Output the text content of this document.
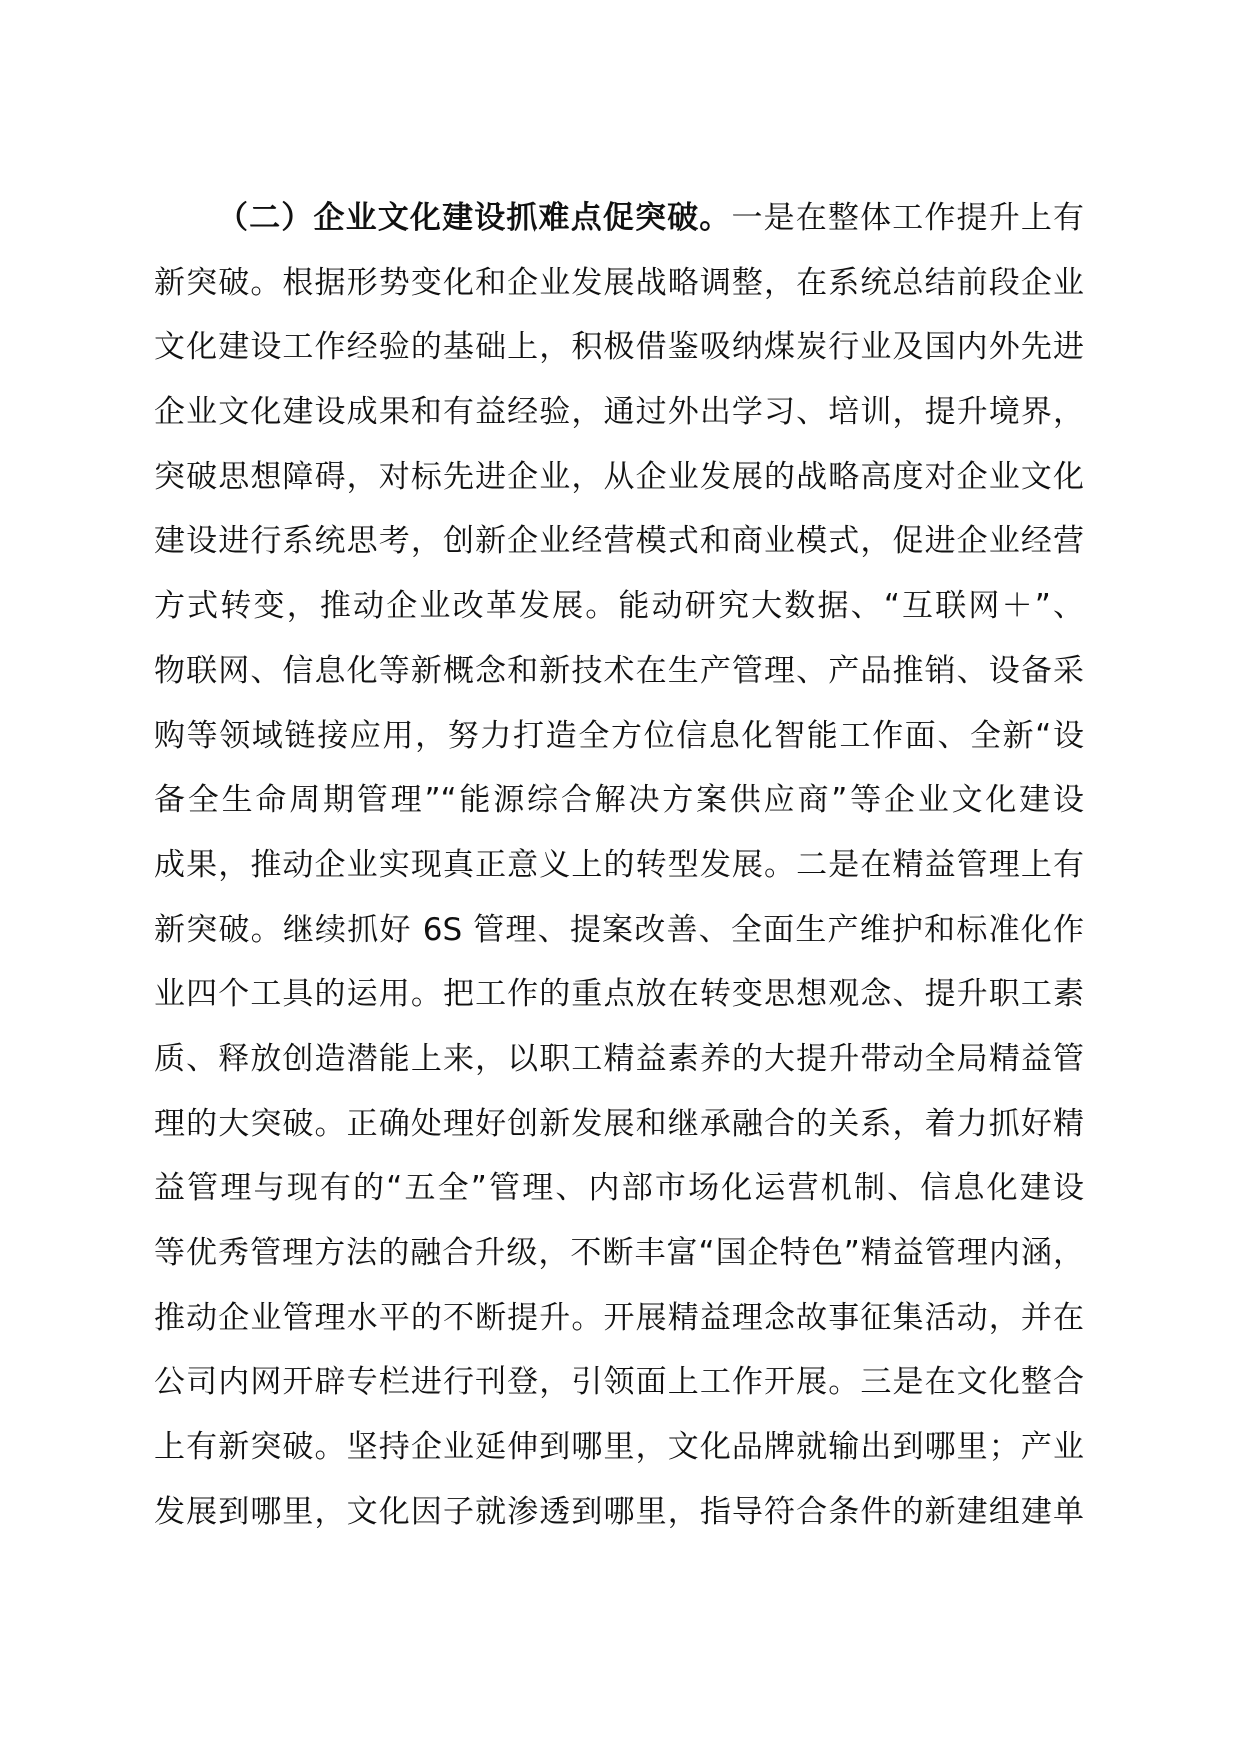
（二）企业文化建设抓难点促突破。一是在整体工作提升上有
新突破。根据形势变化和企业发展战略调整，在系统总结前段企业
文化建设工作经验的基础上，积极借鉴吸纳煤炭行业及国内外先进
企业文化建设成果和有益经验，通过外出学习、培训，提升境界，
突破思想障碍，对标先进企业，从企业发展的战略高度对企业文化
建设进行系统思考，创新企业经营模式和商业模式，促进企业经营
方式转变，推动企业改革发展。能动研究大数据、“互联网＋”、
物联网、信息化等新概念和新技术在生产管理、产品推销、设备采
购等领域链接应用，努力打造全方位信息化智能工作面、全新“设
备全生命周期管理”“能源综合解决方案供应商”等企业文化建设
成果，推动企业实现真正意义上的转型发展。二是在精益管理上有
新突破。继续抓好 6S 管理、提案改善、全面生产维护和标准化作
业四个工具的运用。把工作的重点放在转变思想观念、提升职工素
质、释放创造潜能上来，以职工精益素养的大提升带动全局精益管
理的大突破。正确处理好创新发展和继承融合的关系，着力抓好精
益管理与现有的“五全”管理、内部市场化运营机制、信息化建设
等优秀管理方法的融合升级，不断丰富“国企特色”精益管理内涵，
推动企业管理水平的不断提升。开展精益理念故事征集活动，并在
公司内网开辟专栏进行刊登，引领面上工作开展。三是在文化整合
上有新突破。坚持企业延伸到哪里，文化品牌就输出到哪里；产业
发展到哪里，文化因子就渗透到哪里，指导符合条件的新建组建单
